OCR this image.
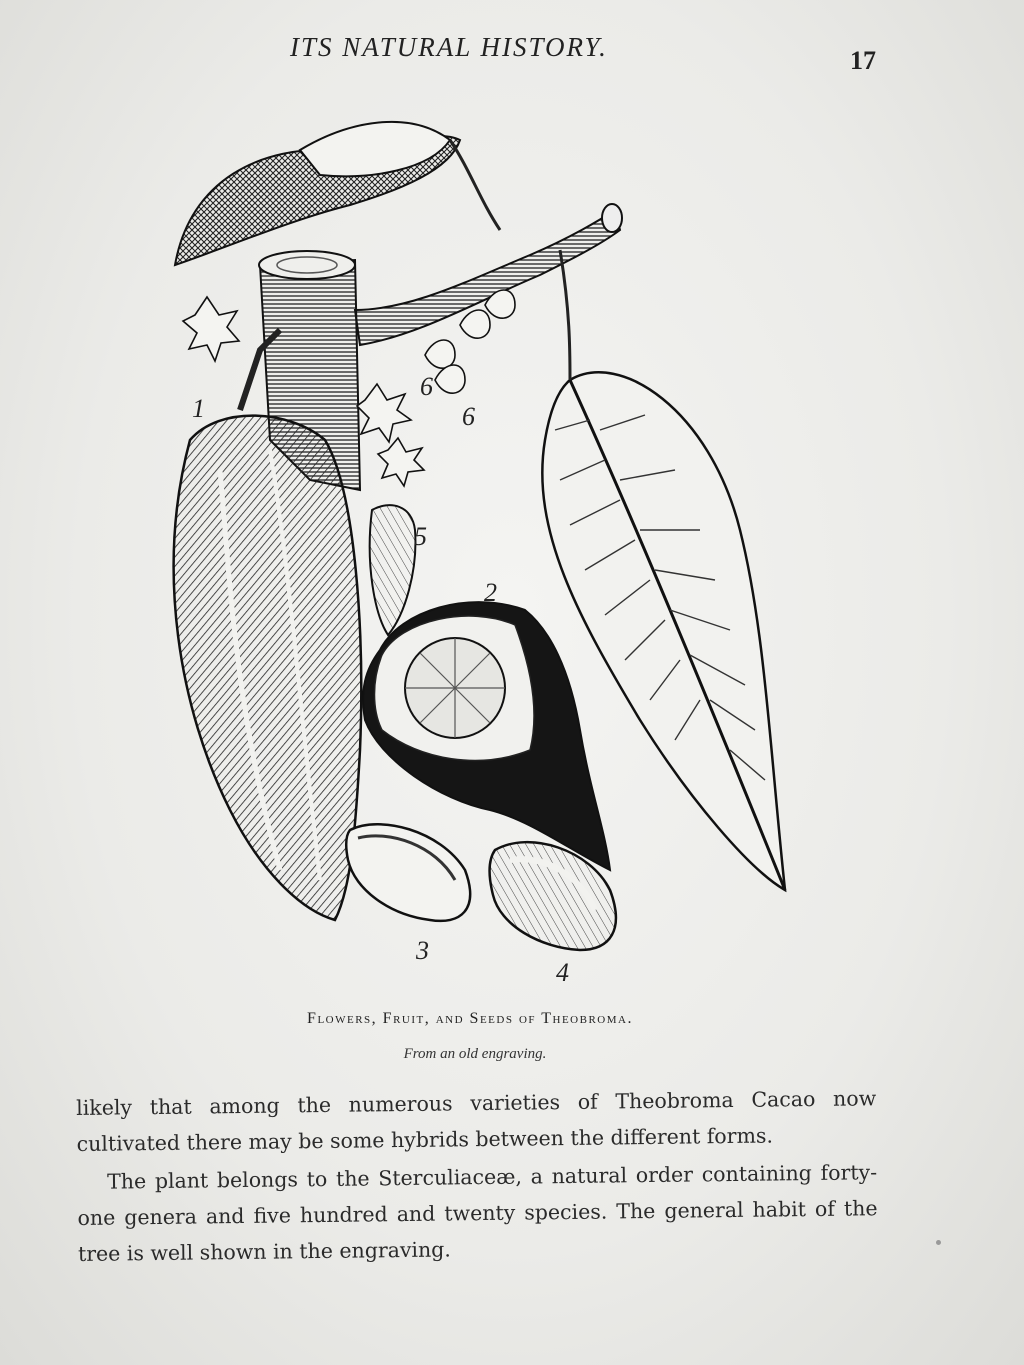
ITS NATURAL HISTORY.	17
1
2
3
4
5
6
6
Flowers, Fruit, and Seeds of Theobroma.
From an old engraving.

likely that among the numerous varieties of Theobroma Cacao now cultivated there may be some hybrids between the different forms.

The plant belongs to the Sterculiaceæ, a natural order containing forty-one genera and five hundred and twenty species. The general habit of the tree is well shown in the engraving.
